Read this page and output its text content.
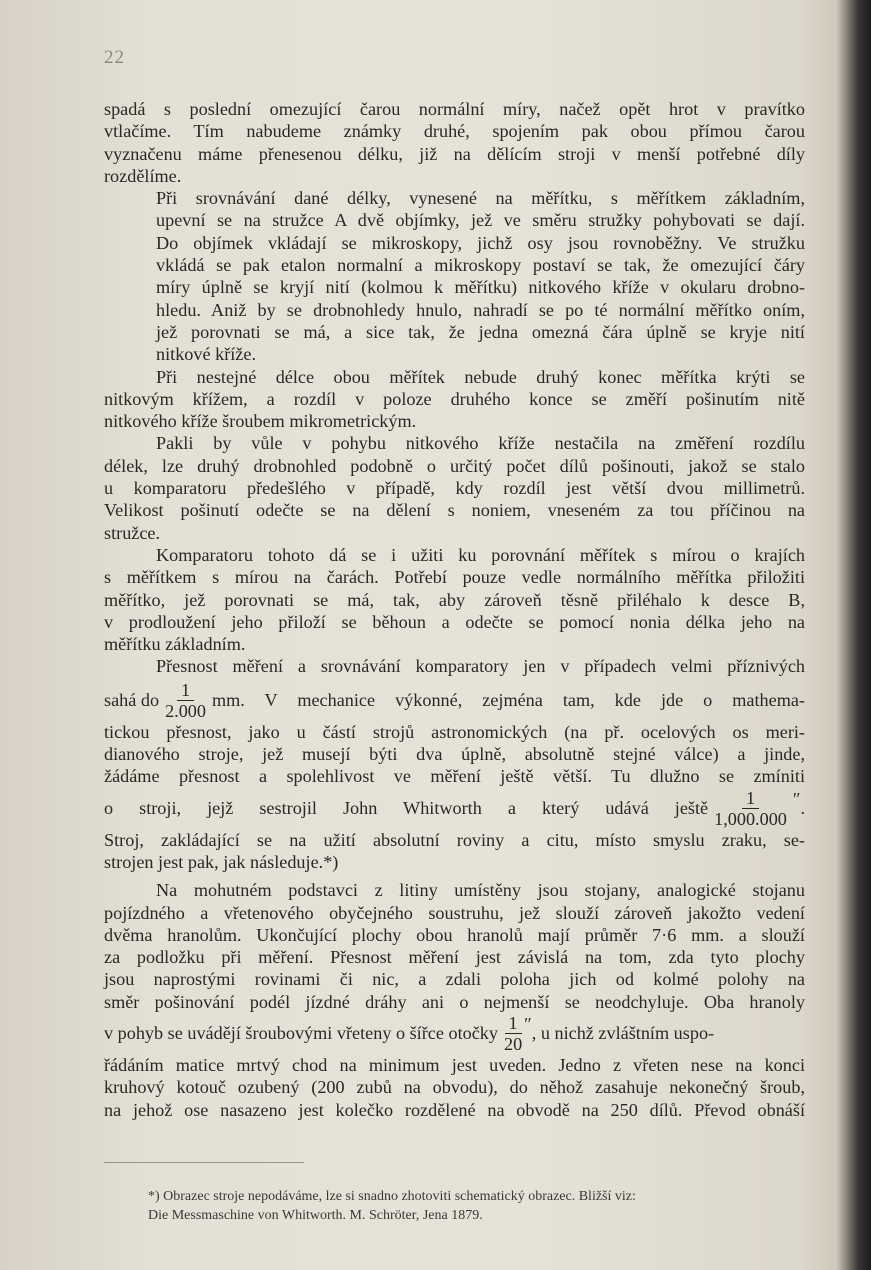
22

spadá s poslední omezující čarou normální míry, načež opět hrot v pravítko
vtlačíme. Tím nabudeme známky druhé, spojením pak obou přímou čarou
vyznačenu máme přenesenou délku, již na dělícím stroji v menší potřebné díly
rozdělíme.

Při srovnávání dané délky, vynesené na měřítku, s měřítkem základním,
upevní se na stružce A dvě objímky, jež ve směru stružky pohybovati se dají.
Do objímek vkládají se mikroskopy, jichž osy jsou rovnoběžny. Ve stružku
vkládá se pak etalon normalní a mikroskopy postaví se tak, že omezující čáry
míry úplně se kryjí nití (kolmou k měřítku) nitkového kříže v okularu drobno-
hledu. Aniž by se drobnohledy hnulo, nahradí se po té normální měřítko oním,
jež porovnati se má, a sice tak, že jedna omezná čára úplně se kryje nití
nitkové kříže.

Při nestejné délce obou měřítek nebude druhý konec měřítka krýti se
nitkovým křížem, a rozdíl v poloze druhého konce se změří pošinutím nitě
nitkového kříže šroubem mikrometrickým.

Pakli by vůle v pohybu nitkového kříže nestačila na změření rozdílu
délek, lze druhý drobnohled podobně o určitý počet dílů pošinouti, jakož se stalo
u komparatoru předešlého v případě, kdy rozdíl jest větší dvou millimetrů.
Velikost pošinutí odečte se na dělení s noniem, vneseném za tou příčinou na
stružce.

Komparatoru tohoto dá se i užiti ku porovnání měřítek s mírou o krajích
s měřítkem s mírou na čarách. Potřebí pouze vedle normálního měřítka přiložiti
měřítko, jež porovnati se má, tak, aby zároveň těsně přiléhalo k desce B,
v prodloužení jeho přiloží se běhoun a odečte se pomocí nonia délka jeho na
měřítku základním.

Přesnost měření a srovnávání komparatory jen v případech velmi příznivých
sahá do $\frac{1}{2.000}$ mm. V mechanice výkonné, zejména tam, kde jde o mathema-
tickou přesnost, jako u částí strojů astronomických (na př. ocelových os meri-
dianového stroje, jež musejí býti dva úplně, absolutně stejné válce) a jinde,
žádáme přesnost a spolehlivost ve měření ještě větší. Tu dlužno se zmíniti
o stroji, jejž sestrojil John Whitworth a který udává ještě $\frac{1}{1,000.000}$ ″ .
Stroj, zakládající se na užití absolutní roviny a citu, místo smyslu zraku, se-
strojen jest pak, jak následuje.*)

Na mohutném podstavci z litiny umístěny jsou stojany, analogické stojanu
pojízdného a vřetenového obyčejného soustruhu, jež slouží zároveň jakožto vedení
dvěma hranolům. Ukončující plochy obou hranolů mají průměr 7·6 mm. a slouží
za podložku při měření. Přesnost měření jest závislá na tom, zda tyto plochy
jsou naprostými rovinami či nic, a zdali poloha jich od kolmé polohy na
směr pošinování podél jízdné dráhy ani o nejmenší se neodchyluje. Oba hranoly
v pohyb se uvádějí šroubovými vřeteny o šířce otočky $\frac{1}{20}$ ″ , u nichž zvláštním uspo-
řádáním matice mrtvý chod na minimum jest uveden. Jedno z vřeten nese na konci
kruhový kotouč ozubený (200 zubů na obvodu), do něhož zasahuje nekonečný šroub,
na jehož ose nasazeno jest kolečko rozdělené na obvodě na 250 dílů. Převod obnáší

*) Obrazec stroje nepodáváme, lze si snadno zhotoviti schematický obrazec. Bližší viz:
Die Messmaschine von Whitworth. M. Schröter, Jena 1879.
